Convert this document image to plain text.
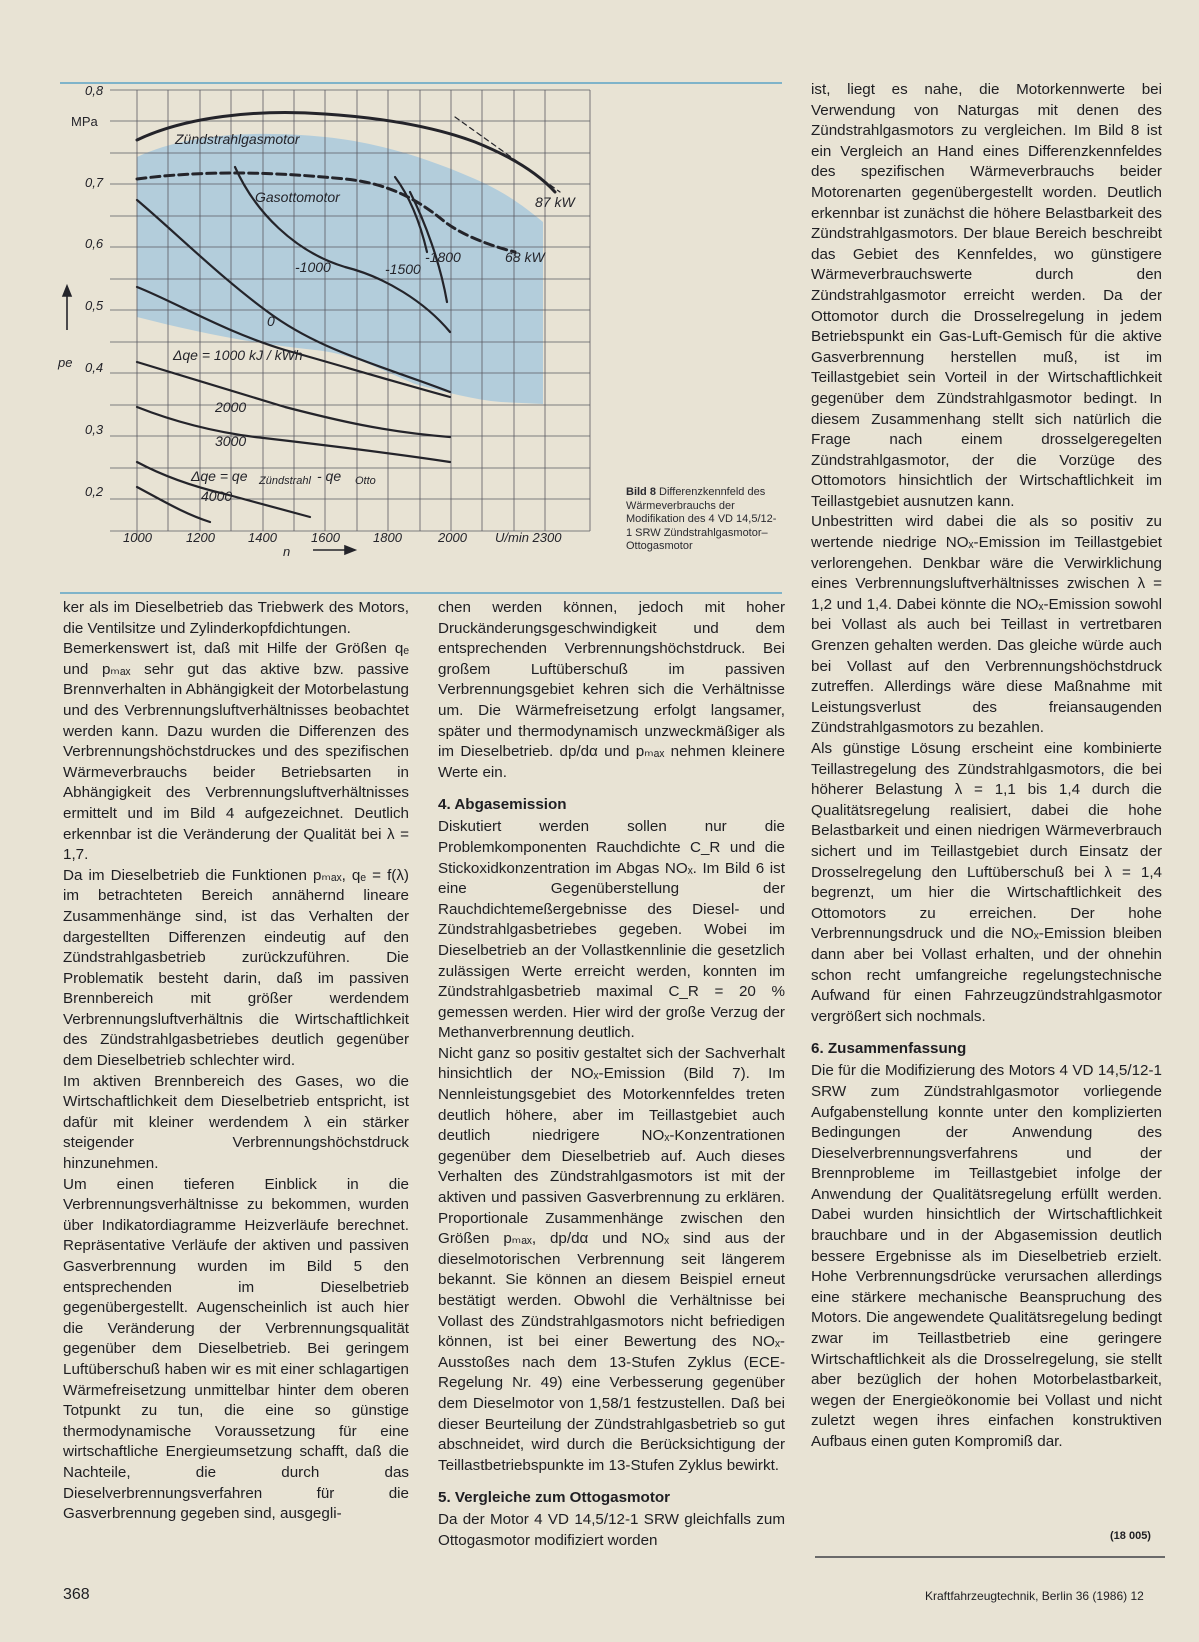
0,8
MPa
0,7
0,6
0,5
pe 0,4
0,3
0,2
1000	1200	1400	1600	1800	2000 U/min 2300
n
Zündstrahlgasmotor
Gasottomotor	87 kW
68 kW
-1000	-1500
-1800
0
Δqe = 1000 kJ / kWh
2000
3000
Δqe = qe Zündstrahl - qe Otto
4000	Bild 8 Differenzkennfeld des Wärmeverbrauchs der Modifikation des 4 VD 14,5/12-1 SRW Zündstrahlgasmotor–Ottogasmotor

ker als im Dieselbetrieb das Triebwerk des Motors, die Ventilsitze und Zylinderkopfdichtungen.

Bemerkenswert ist, daß mit Hilfe der Größen qₑ und pₘₐₓ sehr gut das aktive bzw. passive Brennverhalten in Abhängigkeit der Motorbelastung und des Verbrennungsluftverhältnisses beobachtet werden kann. Dazu wurden die Differenzen des Verbrennungshöchstdruckes und des spezifischen Wärmeverbrauchs beider Betriebsarten in Abhängigkeit des Verbrennungsluftverhältnisses ermittelt und im Bild 4 aufgezeichnet. Deutlich erkennbar ist die Veränderung der Qualität bei λ = 1,7.

Da im Dieselbetrieb die Funktionen pₘₐₓ, qₑ = f(λ) im betrachteten Bereich annähernd lineare Zusammenhänge sind, ist das Verhalten der dargestellten Differenzen eindeutig auf den Zündstrahlgasbetrieb zurückzuführen. Die Problematik besteht darin, daß im passiven Brennbereich mit größer werdendem Verbrennungsluftverhältnis die Wirtschaftlichkeit des Zündstrahlgasbetriebes deutlich gegenüber dem Dieselbetrieb schlechter wird.

Im aktiven Brennbereich des Gases, wo die Wirtschaftlichkeit dem Dieselbetrieb entspricht, ist dafür mit kleiner werdendem λ ein stärker steigender Verbrennungshöchstdruck hinzunehmen.

Um einen tieferen Einblick in die Verbrennungsverhältnisse zu bekommen, wurden über Indikatordiagramme Heizverläufe berechnet. Repräsentative Verläufe der aktiven und passiven Gasverbrennung wurden im Bild 5 den entsprechenden im Dieselbetrieb gegenübergestellt. Augenscheinlich ist auch hier die Veränderung der Verbrennungsqualität gegenüber dem Dieselbetrieb. Bei geringem Luftüberschuß haben wir es mit einer schlagartigen Wärmefreisetzung unmittelbar hinter dem oberen Totpunkt zu tun, die eine so günstige thermodynamische Voraussetzung für eine wirtschaftliche Energieumsetzung schafft, daß die Nachteile, die durch das Dieselverbrennungsverfahren für die Gasverbrennung gegeben sind, ausgegli-

chen werden können, jedoch mit hoher Druckänderungsgeschwindigkeit und dem entsprechenden Verbrennungshöchstdruck. Bei großem Luftüberschuß im passiven Verbrennungsgebiet kehren sich die Verhältnisse um. Die Wärmefreisetzung erfolgt langsamer, später und thermodynamisch unzweckmäßiger als im Dieselbetrieb. dp/dα und pₘₐₓ nehmen kleinere Werte ein.

4. Abgasemission

Diskutiert werden sollen nur die Problemkomponenten Rauchdichte C_R und die Stickoxidkonzentration im Abgas NOₓ. Im Bild 6 ist eine Gegenüberstellung der Rauchdichtemeßergebnisse des Diesel- und Zündstrahlgasbetriebes gegeben. Wobei im Dieselbetrieb an der Vollastkennlinie die gesetzlich zulässigen Werte erreicht werden, konnten im Zündstrahlgasbetrieb maximal C_R = 20 % gemessen werden. Hier wird der große Verzug der Methanverbrennung deutlich.

Nicht ganz so positiv gestaltet sich der Sachverhalt hinsichtlich der NOₓ-Emission (Bild 7). Im Nennleistungsgebiet des Motorkennfeldes treten deutlich höhere, aber im Teillastgebiet auch deutlich niedrigere NOₓ-Konzentrationen gegenüber dem Dieselbetrieb auf. Auch dieses Verhalten des Zündstrahlgasmotors ist mit der aktiven und passiven Gasverbrennung zu erklären. Proportionale Zusammenhänge zwischen den Größen pₘₐₓ, dp/dα und NOₓ sind aus der dieselmotorischen Verbrennung seit längerem bekannt. Sie können an diesem Beispiel erneut bestätigt werden. Obwohl die Verhältnisse bei Vollast des Zündstrahlgasmotors nicht befriedigen können, ist bei einer Bewertung des NOₓ-Ausstoßes nach dem 13-Stufen Zyklus (ECE-Regelung Nr. 49) eine Verbesserung gegenüber dem Dieselmotor von 1,58/1 festzustellen. Daß bei dieser Beurteilung der Zündstrahlgasbetrieb so gut abschneidet, wird durch die Berücksichtigung der Teillastbetriebspunkte im 13-Stufen Zyklus bewirkt.

5. Vergleiche zum Ottogasmotor

Da der Motor 4 VD 14,5/12-1 SRW gleichfalls zum Ottogasmotor modifiziert worden

ist, liegt es nahe, die Motorkennwerte bei Verwendung von Naturgas mit denen des Zündstrahlgasmotors zu vergleichen. Im Bild 8 ist ein Vergleich an Hand eines Differenzkennfeldes des spezifischen Wärmeverbrauchs beider Motorenarten gegenübergestellt worden. Deutlich erkennbar ist zunächst die höhere Belastbarkeit des Zündstrahlgasmotors. Der blaue Bereich beschreibt das Gebiet des Kennfeldes, wo günstigere Wärmeverbrauchswerte durch den Zündstrahlgasmotor erreicht werden. Da der Ottomotor durch die Drosselregelung in jedem Betriebspunkt ein Gas-Luft-Gemisch für die aktive Gasverbrennung herstellen muß, ist im Teillastgebiet sein Vorteil in der Wirtschaftlichkeit gegenüber dem Zündstrahlgasmotor bedingt. In diesem Zusammenhang stellt sich natürlich die Frage nach einem drosselgeregelten Zündstrahlgasmotor, der die Vorzüge des Ottomotors hinsichtlich der Wirtschaftlichkeit im Teillastgebiet ausnutzen kann.

Unbestritten wird dabei die als so positiv zu wertende niedrige NOₓ-Emission im Teillastgebiet verlorengehen. Denkbar wäre die Verwirklichung eines Verbrennungsluftverhältnisses zwischen λ = 1,2 und 1,4. Dabei könnte die NOₓ-Emission sowohl bei Vollast als auch bei Teillast in vertretbaren Grenzen gehalten werden. Das gleiche würde auch bei Vollast auf den Verbrennungshöchstdruck zutreffen. Allerdings wäre diese Maßnahme mit Leistungsverlust des freiansaugenden Zündstrahlgasmotors zu bezahlen.

Als günstige Lösung erscheint eine kombinierte Teillastregelung des Zündstrahlgasmotors, die bei höherer Belastung λ = 1,1 bis 1,4 durch die Qualitätsregelung realisiert, dabei die hohe Belastbarkeit und einen niedrigen Wärmeverbrauch sichert und im Teillastgebiet durch Einsatz der Drosselregelung den Luftüberschuß bei λ = 1,4 begrenzt, um hier die Wirtschaftlichkeit des Ottomotors zu erreichen. Der hohe Verbrennungsdruck und die NOₓ-Emission bleiben dann aber bei Vollast erhalten, und der ohnehin schon recht umfangreiche regelungstechnische Aufwand für einen Fahrzeugzündstrahlgasmotor vergrößert sich nochmals.

6. Zusammenfassung

Die für die Modifizierung des Motors 4 VD 14,5/12-1 SRW zum Zündstrahlgasmotor vorliegende Aufgabenstellung konnte unter den komplizierten Bedingungen der Anwendung des Dieselverbrennungsverfahrens und der Brennprobleme im Teillastgebiet infolge der Anwendung der Qualitätsregelung erfüllt werden. Dabei wurden hinsichtlich der Wirtschaftlichkeit brauchbare und in der Abgasemission deutlich bessere Ergebnisse als im Dieselbetrieb erzielt. Hohe Verbrennungsdrücke verursachen allerdings eine stärkere mechanische Beanspruchung des Motors. Die angewendete Qualitätsregelung bedingt zwar im Teillastbetrieb eine geringere Wirtschaftlichkeit als die Drosselregelung, sie stellt aber bezüglich der hohen Motorbelastbarkeit, wegen der Energieökonomie bei Vollast und nicht zuletzt wegen ihres einfachen konstruktiven Aufbaus einen guten Kompromiß dar.

(18 005)
368	Kraftfahrzeugtechnik, Berlin 36 (1986) 12
